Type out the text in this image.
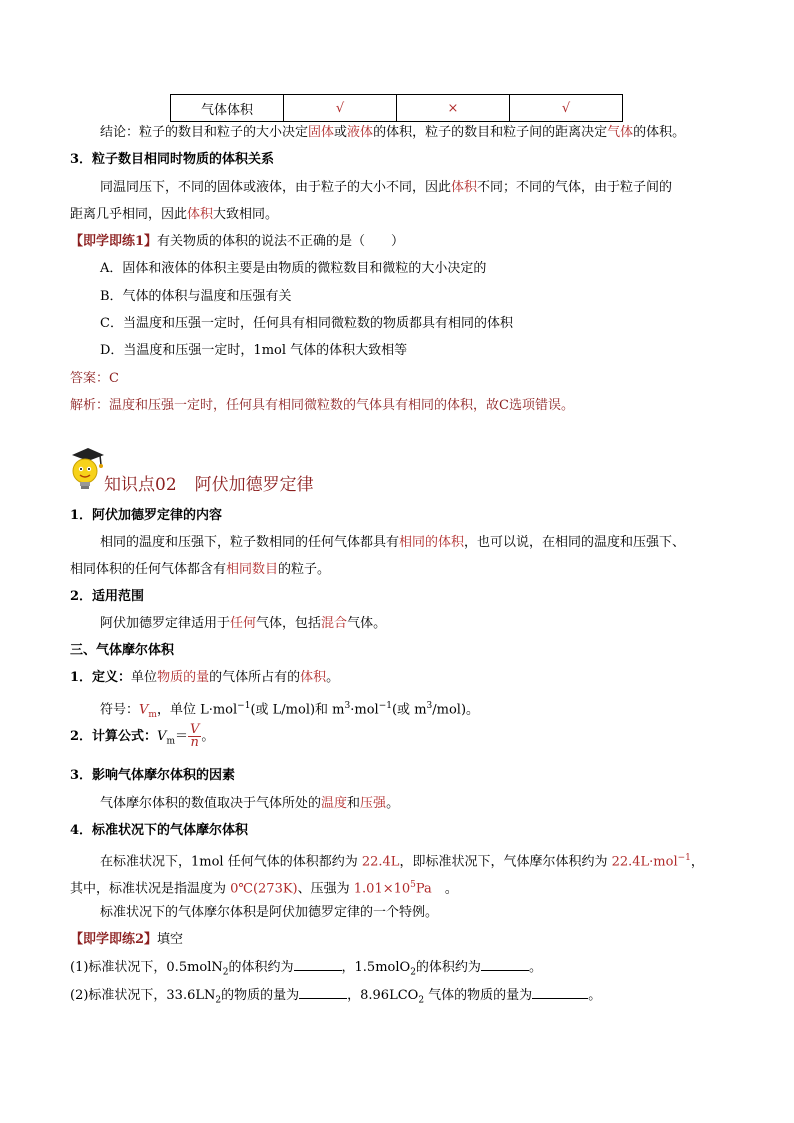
气体体积	√	×	√
结论：粒子的数目和粒子的大小决定固体或液体的体积，粒子的数目和粒子间的距离决定气体的体积。
3．粒子数目相同时物质的体积关系
同温同压下，不同的固体或液体，由于粒子的大小不同，因此体积不同；不同的气体，由于粒子间的
距离几乎相同，因此体积大致相同。
【即学即练1】有关物质的体积的说法不正确的是（　　）
A．固体和液体的体积主要是由物质的微粒数目和微粒的大小决定的
B．气体的体积与温度和压强有关
C．当温度和压强一定时，任何具有相同微粒数的物质都具有相同的体积
D．当温度和压强一定时，1mol 气体的体积大致相等
答案：C
解析：温度和压强一定时，任何具有相同微粒数的气体具有相同的体积，故C选项错误。
知识点02 阿伏加德罗定律
1．阿伏加德罗定律的内容
相同的温度和压强下，粒子数相同的任何气体都具有相同的体积，也可以说，在相同的温度和压强下、
相同体积的任何气体都含有相同数目的粒子。
2．适用范围
阿伏加德罗定律适用于任何气体，包括混合气体。
三、气体摩尔体积
1．定义：单位物质的量的气体所占有的体积。
符号：$V_m$，单位 L·mol$^{-1}$(或 L/mol)和 $m^3\cdot mol^{-1}$(或 $m^3/mol$)。
2．计算公式：$V_m= \frac{V}{n}$ 。
3．影响气体摩尔体积的因素
气体摩尔体积的数值取决于气体所处的温度和压强。
4．标准状况下的气体摩尔体积
在标准状况下，1mol 任何气体的体积都约为 22.4L，即标准状况下，气体摩尔体积约为 22.4L·mol$^{-1}$，
其中，标准状况是指温度为 0℃(273K)、压强为 $1.01\times 10^5Pa$　。
标准状况下的气体摩尔体积是阿伏加德罗定律的一个特例。
【即学即练2】填空
(1)标准状况下，0.5molN$_2$的体积约为	，1.5molO$_2$的体积约为	。
(2)标准状况下，$33.6LN_2$的物质的量为	，$8.96LCO_2$ 气体的物质的量为	。
